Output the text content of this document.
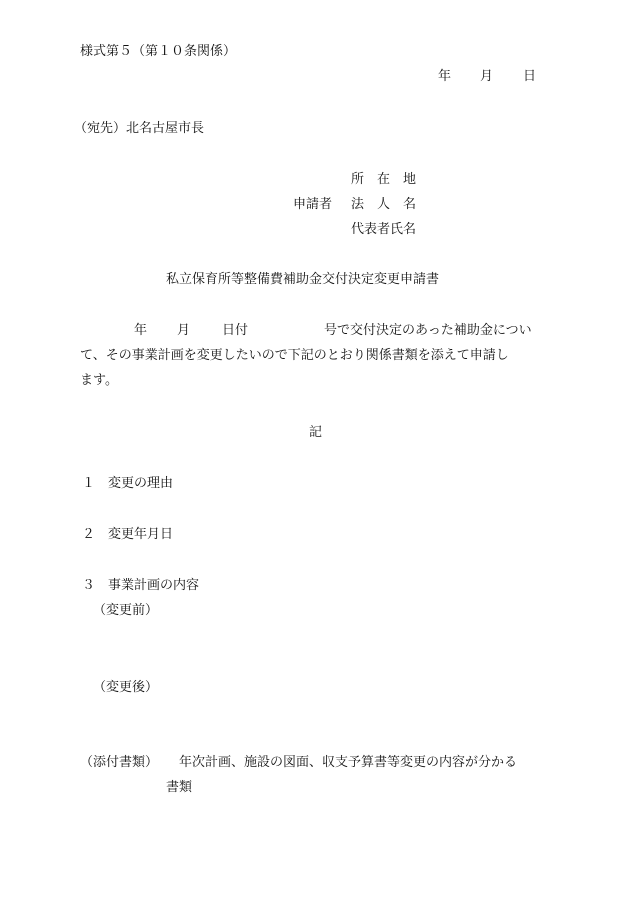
様式第５（第１０条関係）
年 月 日
（宛先）北名古屋市長
所　在　地
申請者 法　人　名
代表者氏名
私立保育所等整備費補助金交付決定変更申請書
年 月 日付	号で交付決定のあった補助金につい
て、その事業計画を変更したいので下記のとおり関係書類を添えて申請し
ます。
記
１ 変更の理由
２ 変更年月日
３ 事業計画の内容
（変更前）
（変更後）
（添付書類） 年次計画、施設の図面、収支予算書等変更の内容が分かる
書類
